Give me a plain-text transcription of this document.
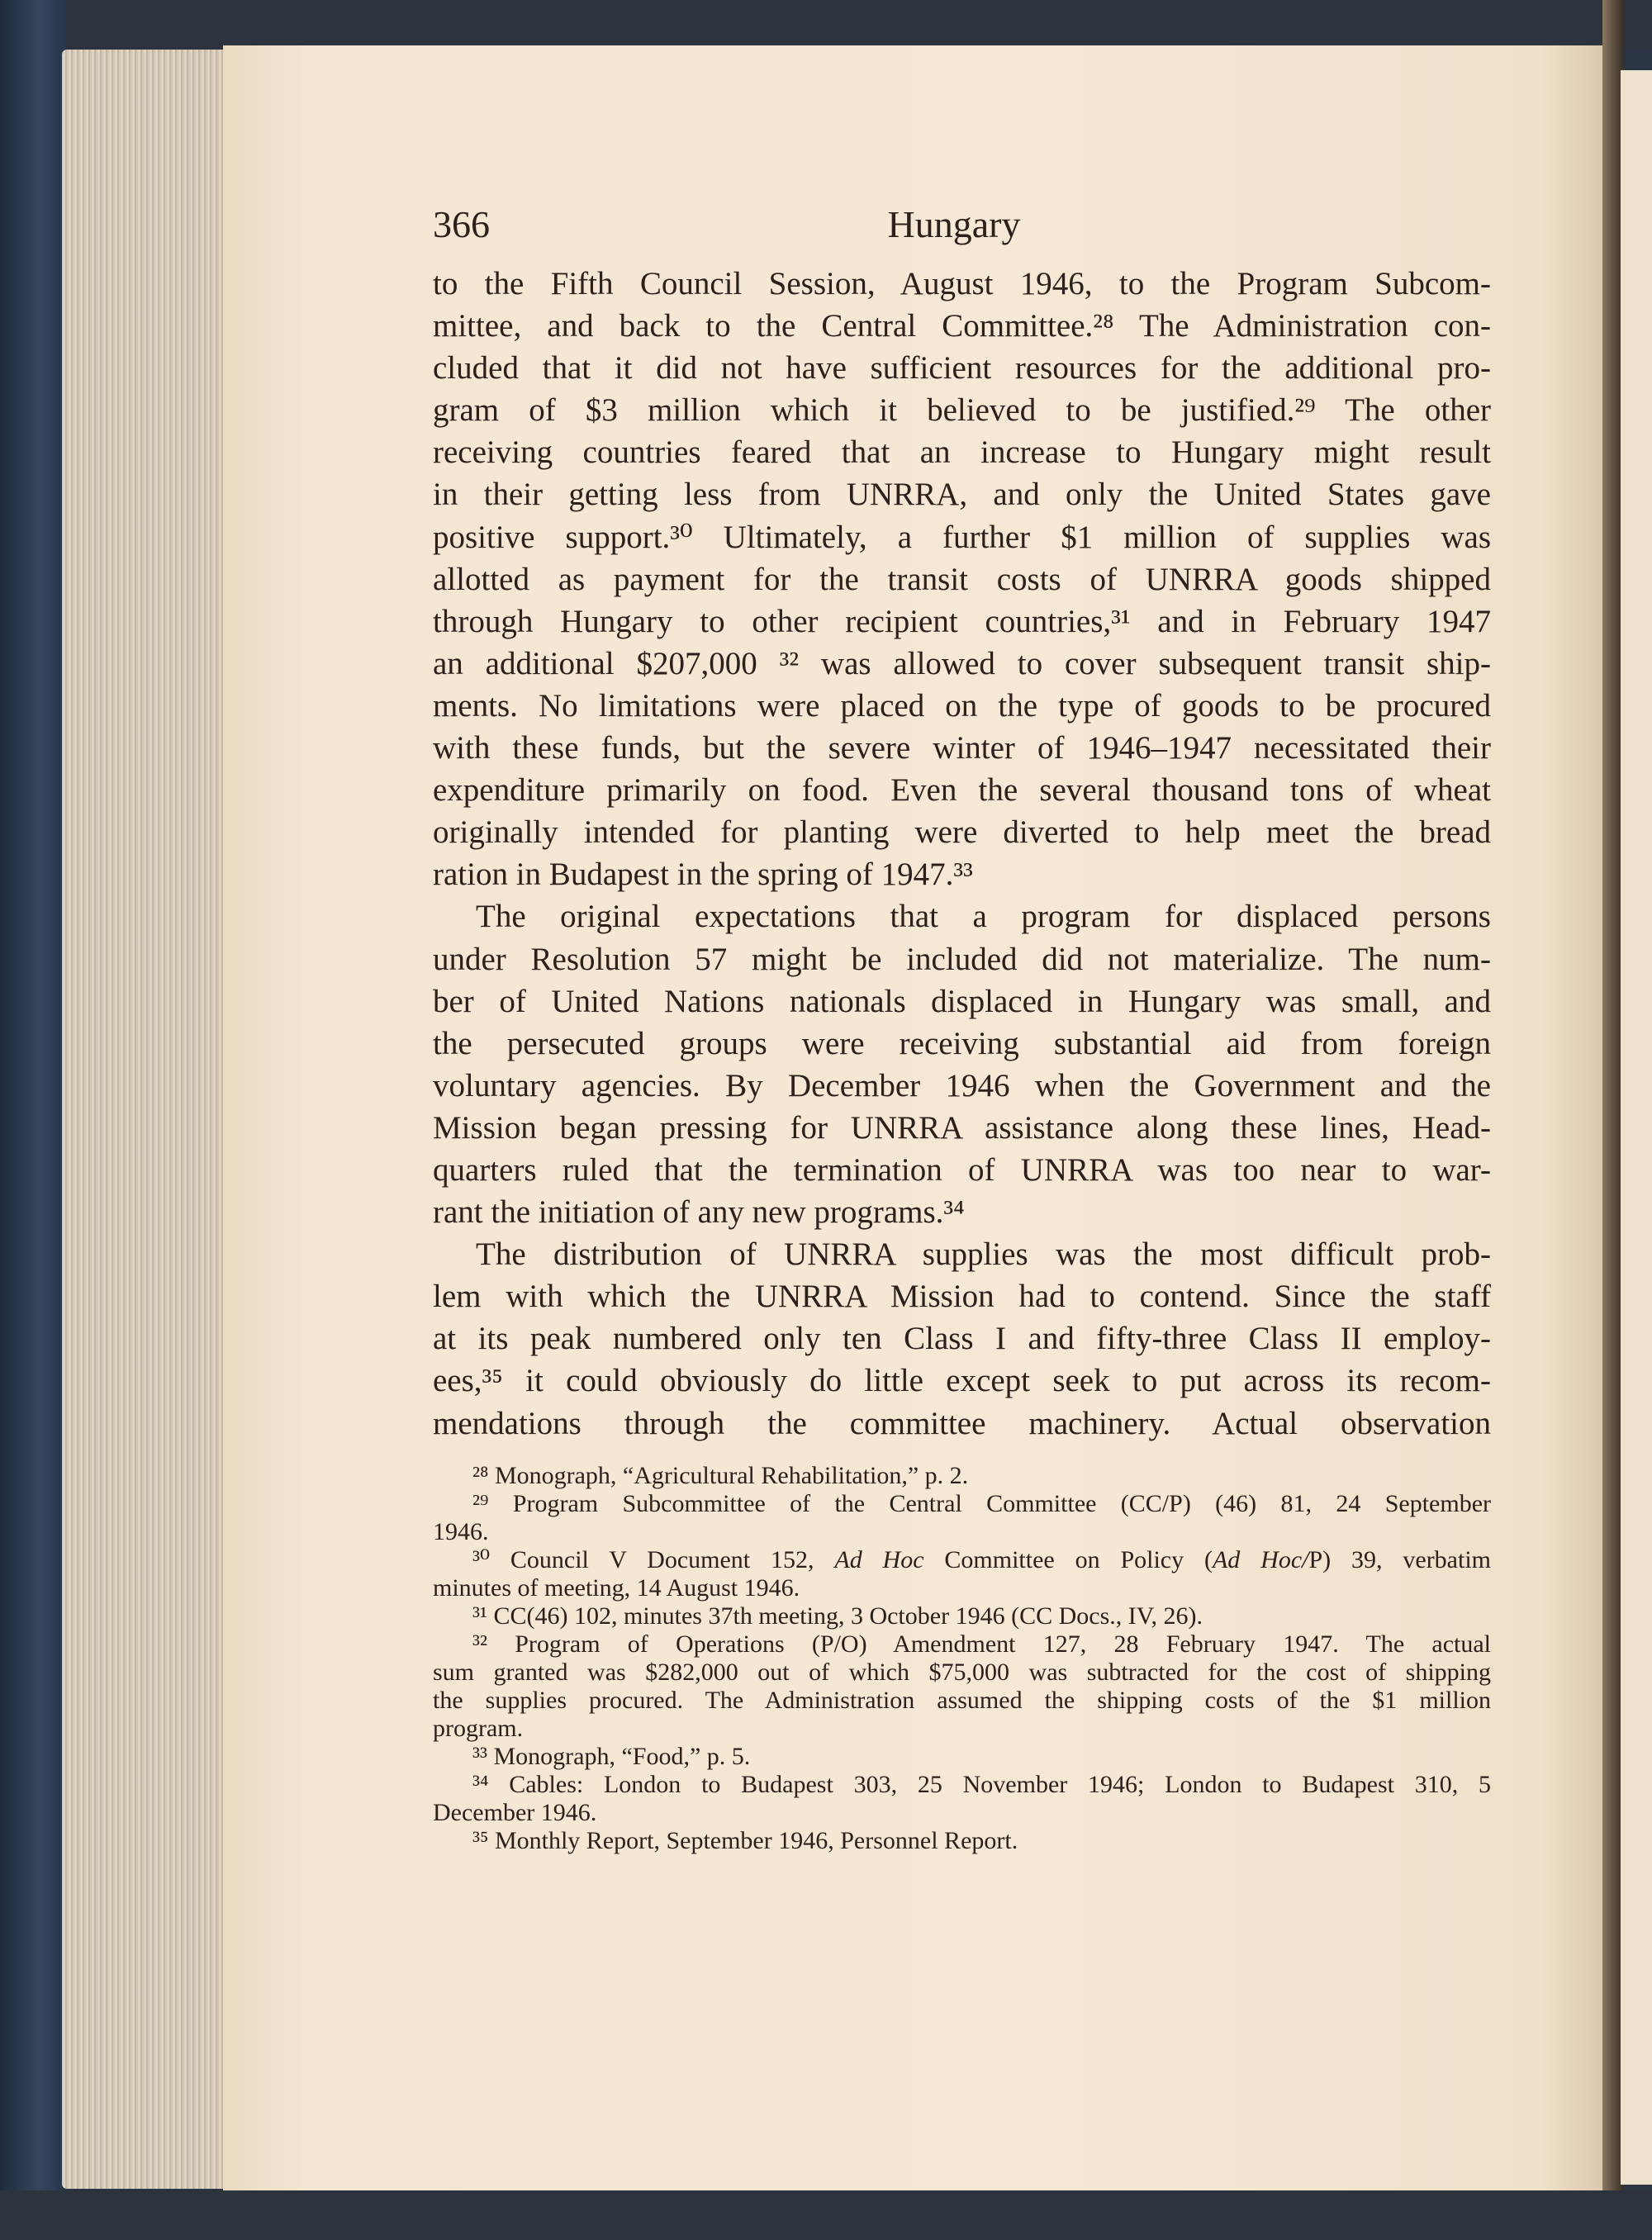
366	Hungary
to the Fifth Council Session, August 1946, to the Program Subcom-
mittee, and back to the Central Committee.²⁸ The Administration con-
cluded that it did not have sufficient resources for the additional pro-
gram of $3 million which it believed to be justified.²⁹ The other
receiving countries feared that an increase to Hungary might result
in their getting less from UNRRA, and only the United States gave
positive support.³⁰ Ultimately, a further $1 million of supplies was
allotted as payment for the transit costs of UNRRA goods shipped
through Hungary to other recipient countries,³¹ and in February 1947
an additional $207,000 ³² was allowed to cover subsequent transit ship-
ments. No limitations were placed on the type of goods to be procured
with these funds, but the severe winter of 1946–1947 necessitated their
expenditure primarily on food. Even the several thousand tons of wheat
originally intended for planting were diverted to help meet the bread
ration in Budapest in the spring of 1947.³³
The original expectations that a program for displaced persons
under Resolution 57 might be included did not materialize. The num-
ber of United Nations nationals displaced in Hungary was small, and
the persecuted groups were receiving substantial aid from foreign
voluntary agencies. By December 1946 when the Government and the
Mission began pressing for UNRRA assistance along these lines, Head-
quarters ruled that the termination of UNRRA was too near to war-
rant the initiation of any new programs.³⁴
The distribution of UNRRA supplies was the most difficult prob-
lem with which the UNRRA Mission had to contend. Since the staff
at its peak numbered only ten Class I and fifty-three Class II employ-
ees,³⁵ it could obviously do little except seek to put across its recom-
mendations through the committee machinery. Actual observation
²⁸ Monograph, “Agricultural Rehabilitation,” p. 2.
²⁹ Program Subcommittee of the Central Committee (CC/P) (46) 81, 24 September
1946.
³⁰ Council V Document 152, Ad Hoc Committee on Policy (Ad Hoc/P) 39, verbatim
minutes of meeting, 14 August 1946.
³¹ CC(46) 102, minutes 37th meeting, 3 October 1946 (CC Docs., IV, 26).
³² Program of Operations (P/O) Amendment 127, 28 February 1947. The actual
sum granted was $282,000 out of which $75,000 was subtracted for the cost of shipping
the supplies procured. The Administration assumed the shipping costs of the $1 million
program.
³³ Monograph, “Food,” p. 5.
³⁴ Cables: London to Budapest 303, 25 November 1946; London to Budapest 310, 5
December 1946.
³⁵ Monthly Report, September 1946, Personnel Report.
